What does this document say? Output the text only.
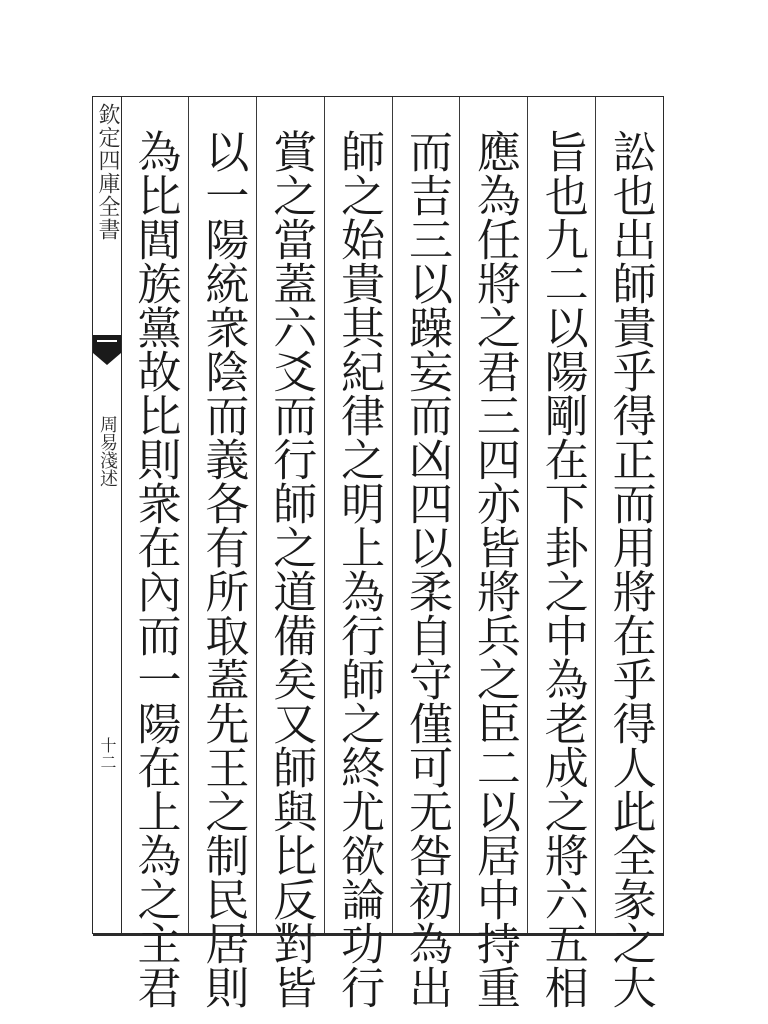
欽定四庫全書
周易淺述
十二	訟也出師貴乎得正而用將在乎得人此全彖之大
旨也九二以陽剛在下卦之中為老成之將六五相
應為任將之君三四亦皆將兵之臣二以居中持重
而吉三以躁妄而凶四以柔自守僅可无咎初為出
師之始貴其紀律之明上為行師之終尤欲論功行
賞之當蓋六爻而行師之道備矣又師與比反對皆
以一陽統衆陰而義各有所取蓋先王之制民居則
為比閭族黨故比則衆在內而一陽在上為之主君
